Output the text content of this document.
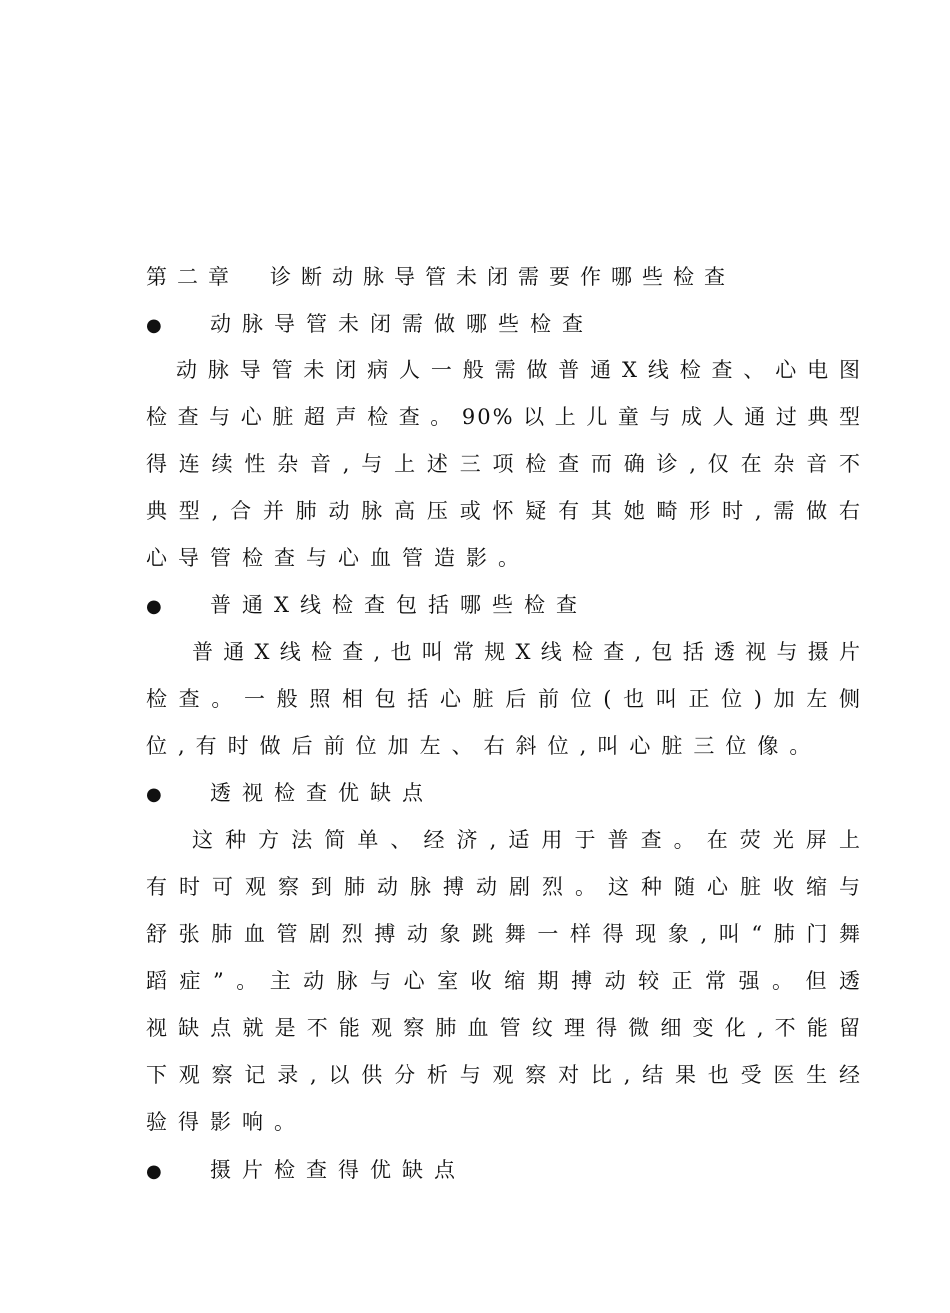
第二章　诊断动脉导管未闭需要作哪些检查
● 动脉导管未闭需做哪些检查
动脉导管未闭病人一般需做普通X线检查、心电图
检查与心脏超声检查。90%以上儿童与成人通过典型
得连续性杂音,与上述三项检查而确诊,仅在杂音不
典型,合并肺动脉高压或怀疑有其她畸形时,需做右
心导管检查与心血管造影。
● 普通X线检查包括哪些检查
普通X线检查,也叫常规X线检查,包括透视与摄片
检查。一般照相包括心脏后前位(也叫正位)加左侧
位,有时做后前位加左、右斜位,叫心脏三位像。
● 透视检查优缺点
这种方法简单、经济,适用于普查。在荧光屏上
有时可观察到肺动脉搏动剧烈。这种随心脏收缩与
舒张肺血管剧烈搏动象跳舞一样得现象,叫“肺门舞
蹈症”。主动脉与心室收缩期搏动较正常强。但透
视缺点就是不能观察肺血管纹理得微细变化,不能留
下观察记录,以供分析与观察对比,结果也受医生经
验得影响。
● 摄片检查得优缺点
